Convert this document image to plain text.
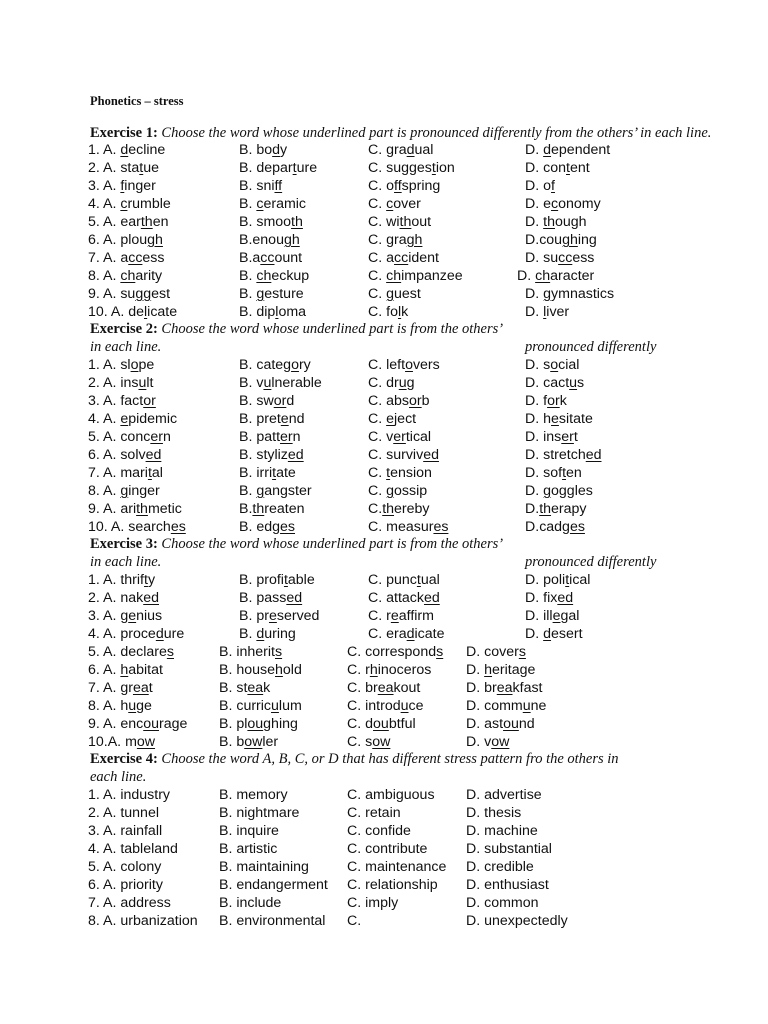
Phonetics – stress
Exercise 1: Choose the word whose underlined part is pronounced differently from the others’ in each line.
1. A. decline	B. body	C. gradual	D. dependent
2. A. statue	B. departure	C. suggestion	D. content
3. A. finger	B. sniff	C. offspring	D. of
4. A. crumble	B. ceramic	C. cover	D. economy
5. A. earthen	B. smooth	C. without	D. though
6. A. plough	B.enough	C. gragh	D.coughing
7. A. access	B.account	C. accident	D. success
8. A. charity	B. checkup	C. chimpanzee	D. character
9. A. suggest	B. gesture	C. guest	D. gymnastics
10. A. delicate	B. diploma	C. folk	D. liver
Exercise 2: Choose the word whose underlined part is from the others’
in each line.	pronounced differently
1. A. slope	B. category	C. leftovers	D. social
2. A. insult	B. vulnerable	C. drug	D. cactus
3. A. factor	B. sword	C. absorb	D. fork
4. A. epidemic	B. pretend	C. eject	D. hesitate
5. A. concern	B. pattern	C. vertical	D. insert
6. A. solved	B. stylized	C. survived	D. stretched
7. A. marital	B. irritate	C. tension	D. soften
8. A. ginger	B. gangster	C. gossip	D. goggles
9. A. arithmetic	B.threaten	C.thereby	D.therapy
10. A. searches	B. edges	C. measures	D.cadges
Exercise 3: Choose the word whose underlined part is from the others’
in each line.	pronounced differently
1. A. thrifty	B. profitable	C. punctual	D. political
2. A. naked	B. passed	C. attacked	D. fixed
3. A. genius	B. preserved	C. reaffirm	D. illegal
4. A. procedure	B. during	C. eradicate	D. desert
5. A. declares	B. inherits	C. corresponds D. covers
6. A. habitat	B. household	C. rhinoceros D. heritage
7. A. great	B. steak	C. breakout	D. breakfast
8. A. huge	B. curriculum	C. introduce	D. commune
9. A. encourage B. ploughing	C. doubtful	D. astound
10.A. mow	B. bowler	C. sow	D. vow
Exercise 4: Choose the word A, B, C, or D that has different stress pattern fro the others in
each line.
1. A. industry	B. memory	C. ambiguous D. advertise
2. A. tunnel	B. nightmare	C. retain	D. thesis
3. A. rainfall	B. inquire	C. confide	D. machine
4. A. tableland	B. artistic	C. contribute	D. substantial
5. A. colony	B. maintaining	C. maintenance D. credible
6. A. priority	B. endangerment C. relationship D. enthusiast
7. A. address	B. include	C. imply	D. common
8. A. urbanization B. environmental C.	D. unexpectedly
